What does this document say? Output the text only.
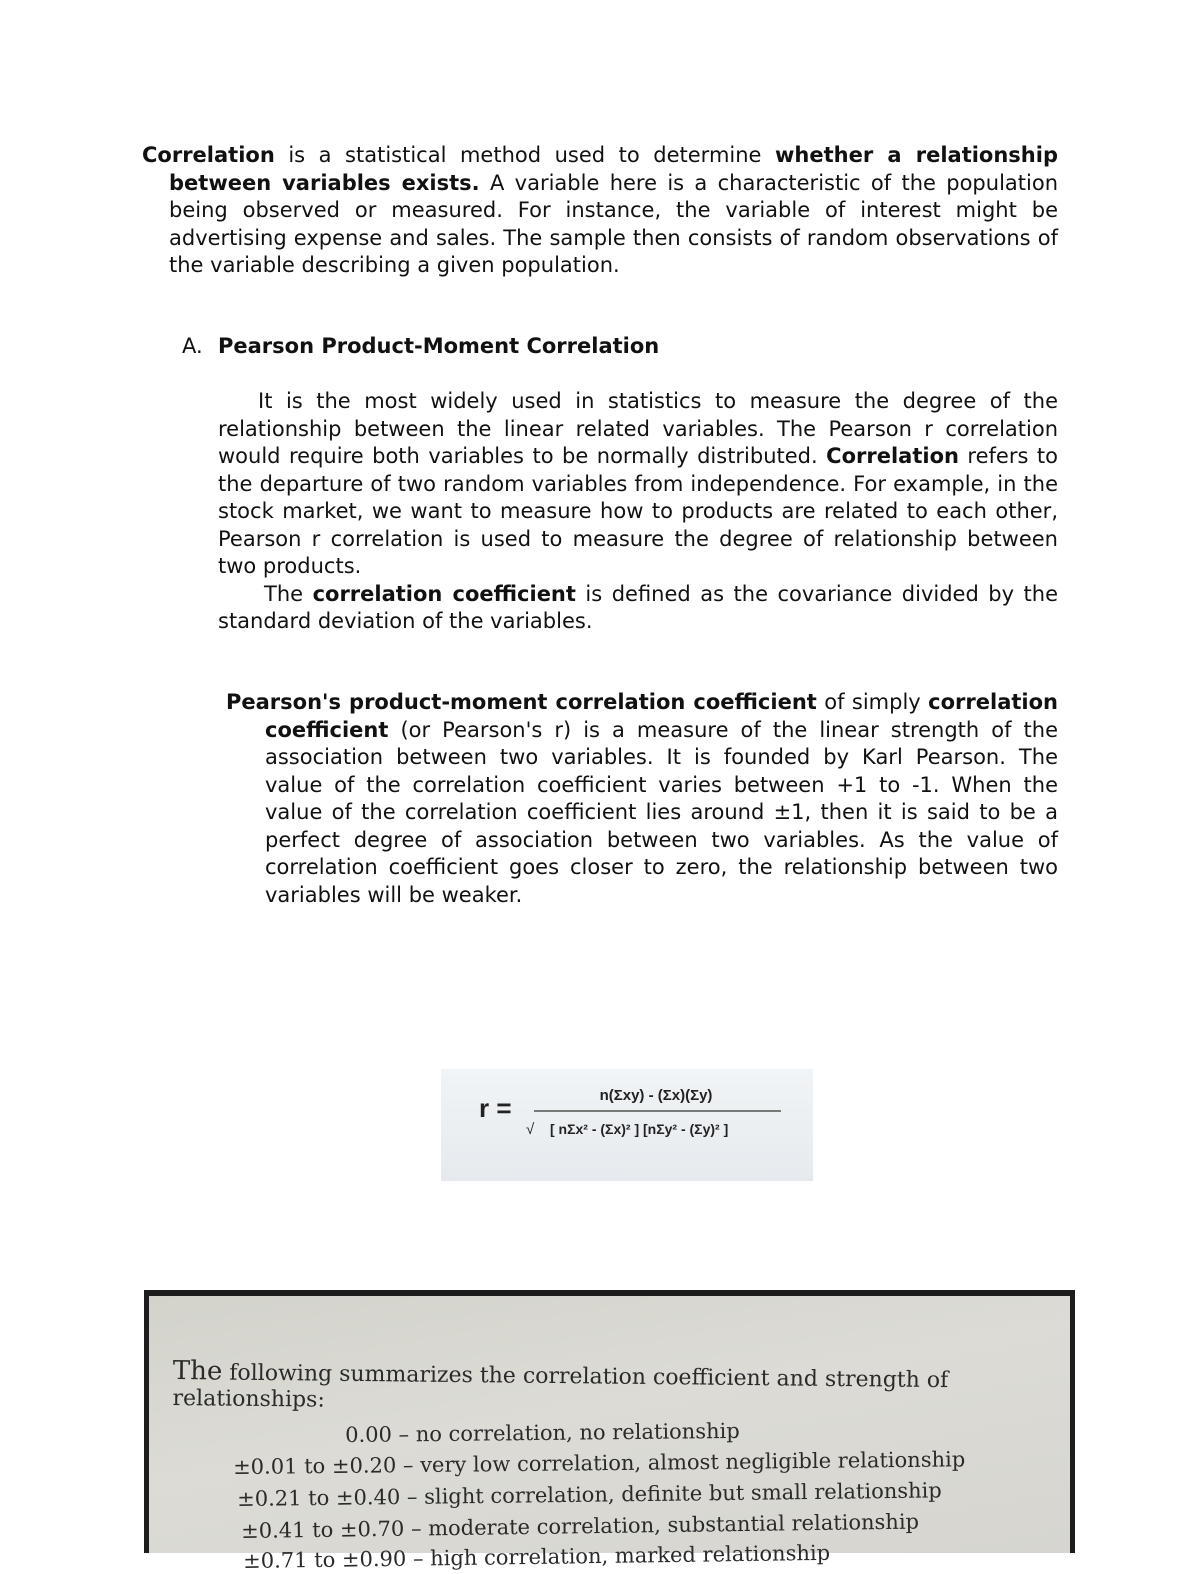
Correlation is a statistical method used to determine whether a relationship between variables exists. A variable here is a characteristic of the population being observed or measured. For instance, the variable of interest might be advertising expense and sales. The sample then consists of random observations of the variable describing a given population.

A. Pearson Product-Moment Correlation

It is the most widely used in statistics to measure the degree of the relationship between the linear related variables. The Pearson r correlation would require both variables to be normally distributed. Correlation refers to the departure of two random variables from independence. For example, in the stock market, we want to measure how to products are related to each other, Pearson r correlation is used to measure the degree of relationship between two products.

The correlation coefficient is defined as the covariance divided by the standard deviation of the variables.

Pearson's product-moment correlation coefficient of simply correlation coefficient (or Pearson's r) is a measure of the linear strength of the association between two variables. It is founded by Karl Pearson. The value of the correlation coefficient varies between +1 to -1. When the value of the correlation coefficient lies around ±1, then it is said to be a perfect degree of association between two variables. As the value of correlation coefficient goes closer to zero, the relationship between two variables will be weaker.

r =	n(Σxy) - (Σx)(Σy)
√ [ nΣx² - (Σx)² ] [nΣy² - (Σy)² ]
The following summarizes the correlation coefficient and strength of relationships:
0.00 – no correlation, no relationship
±0.01 to ±0.20 – very low correlation, almost negligible relationship
±0.21 to ±0.40 – slight correlation, definite but small relationship
±0.41 to ±0.70 – moderate correlation, substantial relationship
±0.71 to ±0.90 – high correlation, marked relationship
